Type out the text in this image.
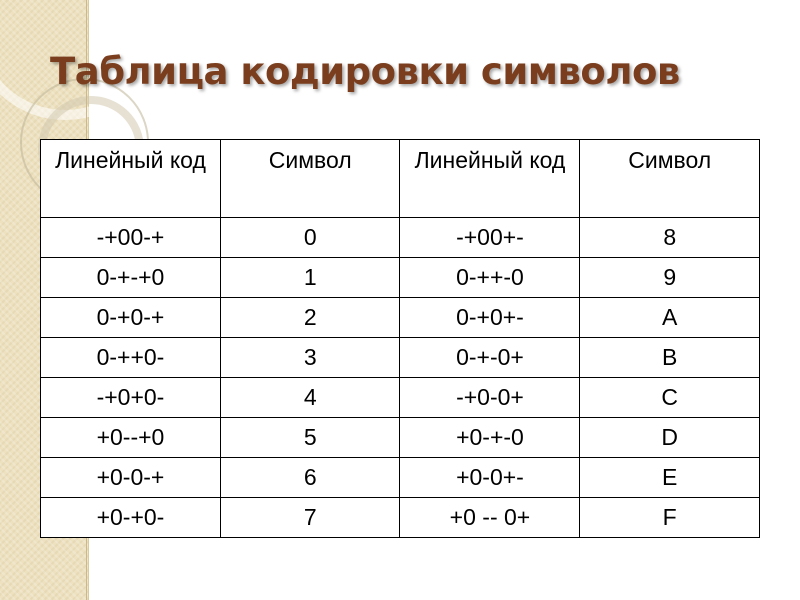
Таблица кодировки символов
Линейный код	Символ	Линейный код	Символ
-+00-+	0	-+00+-	8
0-+-+0	1	0-++-0	9
0-+0-+	2	0-+0+-	A
0-++0-	3	0-+-0+	B
-+0+0-	4	-+0-0+	C
+0--+0	5	+0-+-0	D
+0-0-+	6	+0-0+-	E
+0-+0-	7	+0 -- 0+	F
